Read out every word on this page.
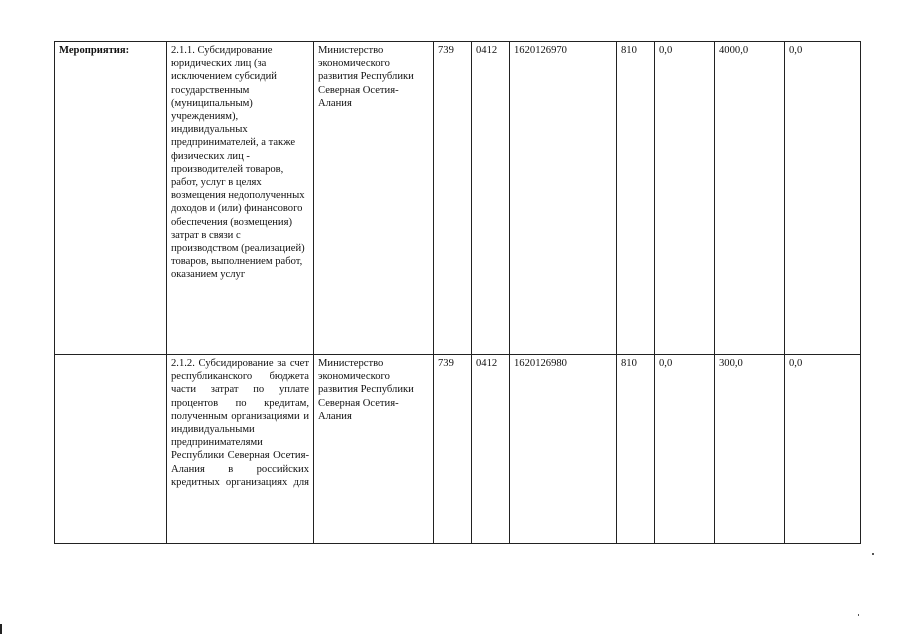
Мероприятия:	2.1.1. Субсидирование юридических лиц (за исключением субсидий государственным (муниципальным) учреждениям), индивидуальных предпринимателей, а также физических лиц - производителей товаров, работ, услуг в целях возмещения недополученных доходов и (или) финансового обеспечения (возмещения) затрат в связи с производством (реализацией) товаров, выполнением работ, оказанием услуг	Министерство экономического развития Республики Северная Осетия-Алания	739	0412	1620126970	810	0,0	4000,0	0,0
	2.1.2. Субсидирование за счет республиканского бюджета части затрат по уплате процентов по кредитам, полученным организациями и индивидуальными предпринимателями Республики Северная Осетия-Алания в российских кредитных организациях для	Министерство экономического развития Республики Северная Осетия-Алания	739	0412	1620126980	810	0,0	300,0	0,0
